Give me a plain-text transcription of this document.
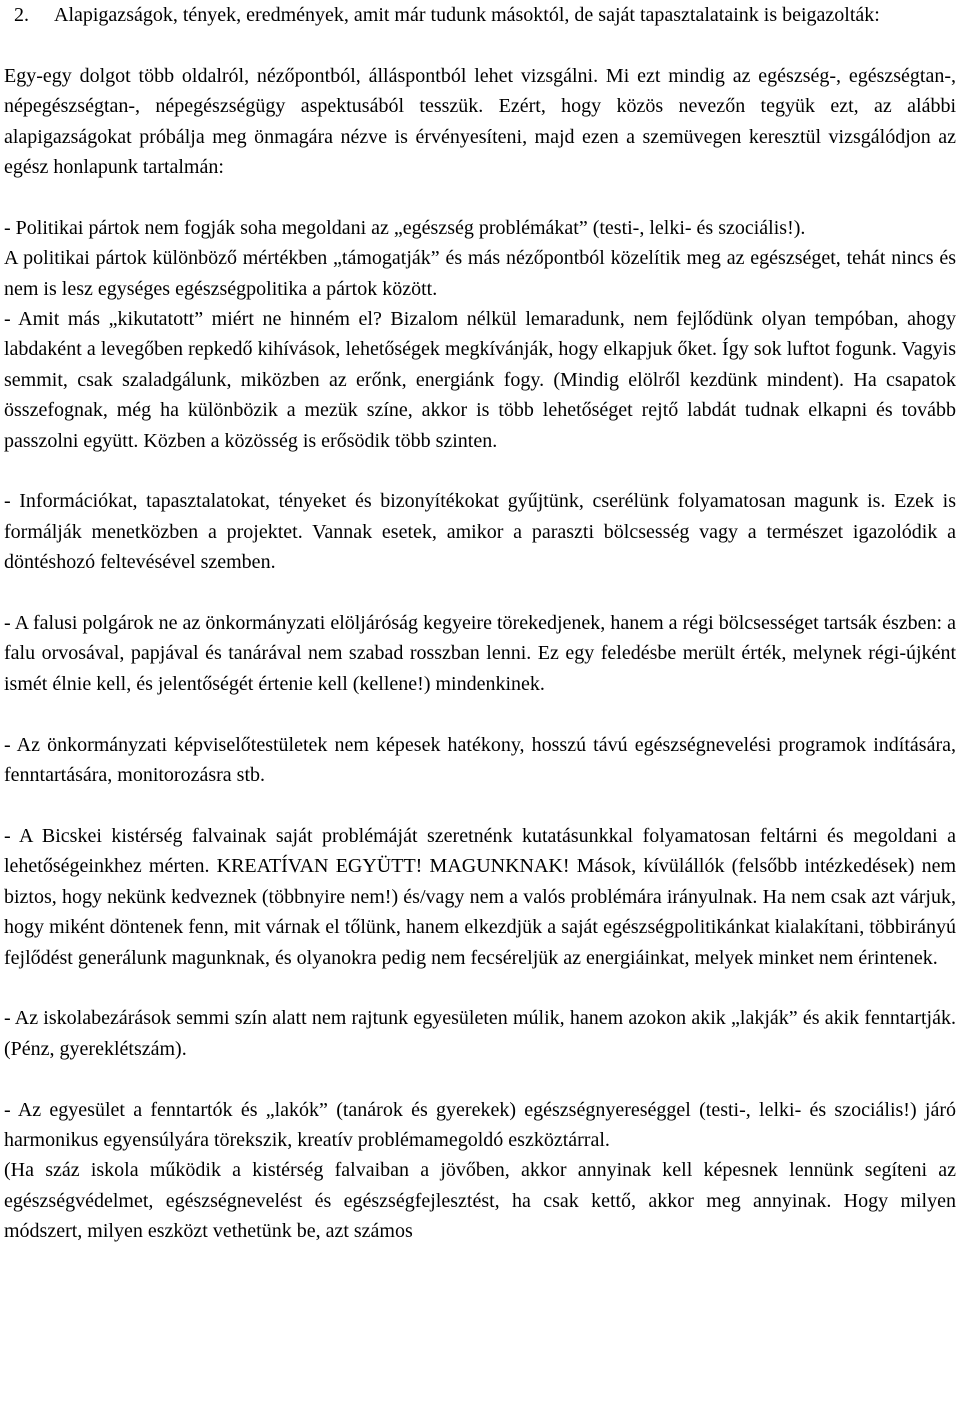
2.	Alapigazságok, tények, eredmények, amit már tudunk másoktól, de saját tapasztalataink is beigazolták:

Egy-egy dolgot több oldalról, nézőpontból, álláspontból lehet vizsgálni. Mi ezt mindig az egészség-, egészségtan-, népegészségtan-, népegészségügy aspektusából tesszük. Ezért, hogy közös nevezőn tegyük ezt, az alábbi alapigazságokat próbálja meg önmagára nézve is érvényesíteni, majd ezen a szemüvegen keresztül vizsgálódjon az egész honlapunk tartalmán:

- Politikai pártok nem fogják soha megoldani az „egészség problémákat” (testi-, lelki- és szociális!).

A politikai pártok különböző mértékben „támogatják” és más nézőpontból közelítik meg az egészséget, tehát nincs és nem is lesz egységes egészségpolitika a pártok között.

- Amit más „kikutatott” miért ne hinném el? Bizalom nélkül lemaradunk, nem fejlődünk olyan tempóban, ahogy labdaként a levegőben repkedő kihívások, lehetőségek megkívánják, hogy elkapjuk őket. Így sok luftot fogunk. Vagyis semmit, csak szaladgálunk, miközben az erőnk, energiánk fogy. (Mindig elölről kezdünk mindent). Ha csapatok összefognak, még ha különbözik a mezük színe, akkor is több lehetőséget rejtő labdát tudnak elkapni és tovább passzolni együtt. Közben a közösség is erősödik több szinten.

- Információkat, tapasztalatokat, tényeket és bizonyítékokat gyűjtünk, cserélünk folyamatosan magunk is. Ezek is formálják menetközben a projektet. Vannak esetek, amikor a paraszti bölcsesség vagy a természet igazolódik a döntéshozó feltevésével szemben.

- A falusi polgárok ne az önkormányzati elöljáróság kegyeire törekedjenek, hanem a régi bölcsességet tartsák észben: a falu orvosával, papjával és tanárával nem szabad rosszban lenni. Ez egy feledésbe merült érték, melynek régi-újként ismét élnie kell, és jelentőségét értenie kell (kellene!) mindenkinek.

- Az önkormányzati képviselőtestületek nem képesek hatékony, hosszú távú egészségnevelési programok indítására, fenntartására, monitorozásra stb.

- A Bicskei kistérség falvainak saját problémáját szeretnénk kutatásunkkal folyamatosan feltárni és megoldani a lehetőségeinkhez mérten. KREATÍVAN EGYÜTT! MAGUNKNAK! Mások, kívülállók (felsőbb intézkedések) nem biztos, hogy nekünk kedveznek (többnyire nem!) és/vagy nem a valós problémára irányulnak. Ha nem csak azt várjuk, hogy miként döntenek fenn, mit várnak el tőlünk, hanem elkezdjük a saját egészségpolitikánkat kialakítani, többirányú fejlődést generálunk magunknak, és olyanokra pedig nem fecséreljük az energiáinkat, melyek minket nem érintenek.

- Az iskolabezárások semmi szín alatt nem rajtunk egyesületen múlik, hanem azokon akik „lakják” és akik fenntartják. (Pénz, gyereklétszám).

- Az egyesület a fenntartók és „lakók” (tanárok és gyerekek) egészségnyereséggel (testi-, lelki- és szociális!) járó harmonikus egyensúlyára törekszik, kreatív problémamegoldó eszköztárral.

(Ha száz iskola működik a kistérség falvaiban a jövőben, akkor annyinak kell képesnek lennünk segíteni az egészségvédelmet, egészségnevelést és egészségfejlesztést, ha csak kettő, akkor meg annyinak. Hogy milyen módszert, milyen eszközt vethetünk be, azt számos
